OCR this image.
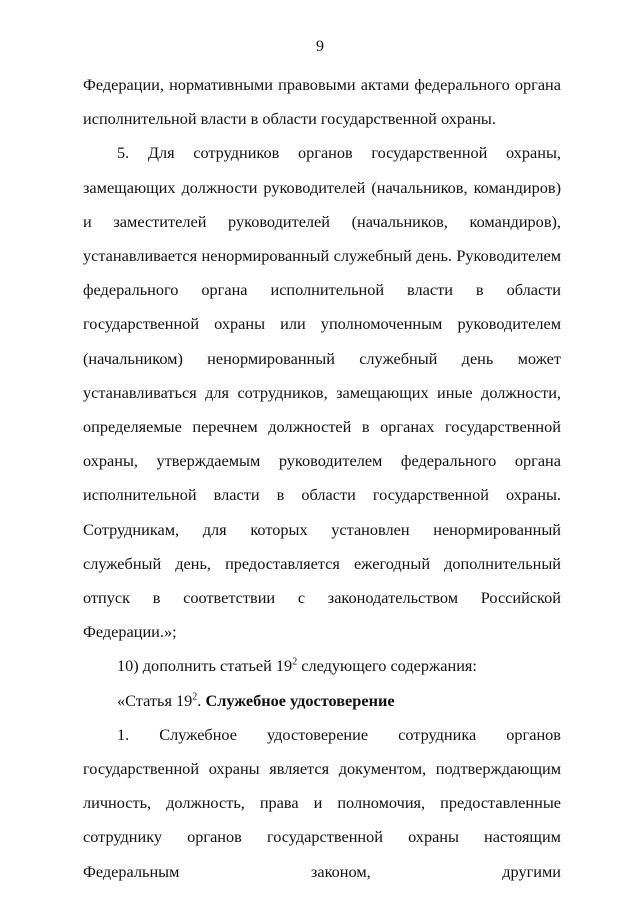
9

Федерации, нормативными правовыми актами федерального органа исполнительной власти в области государственной охраны.

5. Для сотрудников органов государственной охраны, замещающих должности руководителей (начальников, командиров) и заместителей руководителей (начальников, командиров), устанавливается ненормированный служебный день. Руководителем федерального органа исполнительной власти в области государственной охраны или уполномоченным руководителем (начальником) ненормированный служебный день может устанавливаться для сотрудников, замещающих иные должности, определяемые перечнем должностей в органах государственной охраны, утверждаемым руководителем федерального органа исполнительной власти в области государственной охраны. Сотрудникам, для которых установлен ненормированный служебный день, предоставляется ежегодный дополнительный отпуск в соответствии с законодательством Российской Федерации.»;

10) дополнить статьей $19^2$ следующего содержания:

«Статья $19^2$. Служебное удостоверение

1. Служебное удостоверение сотрудника органов государственной охраны является документом, подтверждающим личность, должность, права и полномочия, предоставленные сотруднику органов государственной охраны настоящим Федеральным законом, другими
